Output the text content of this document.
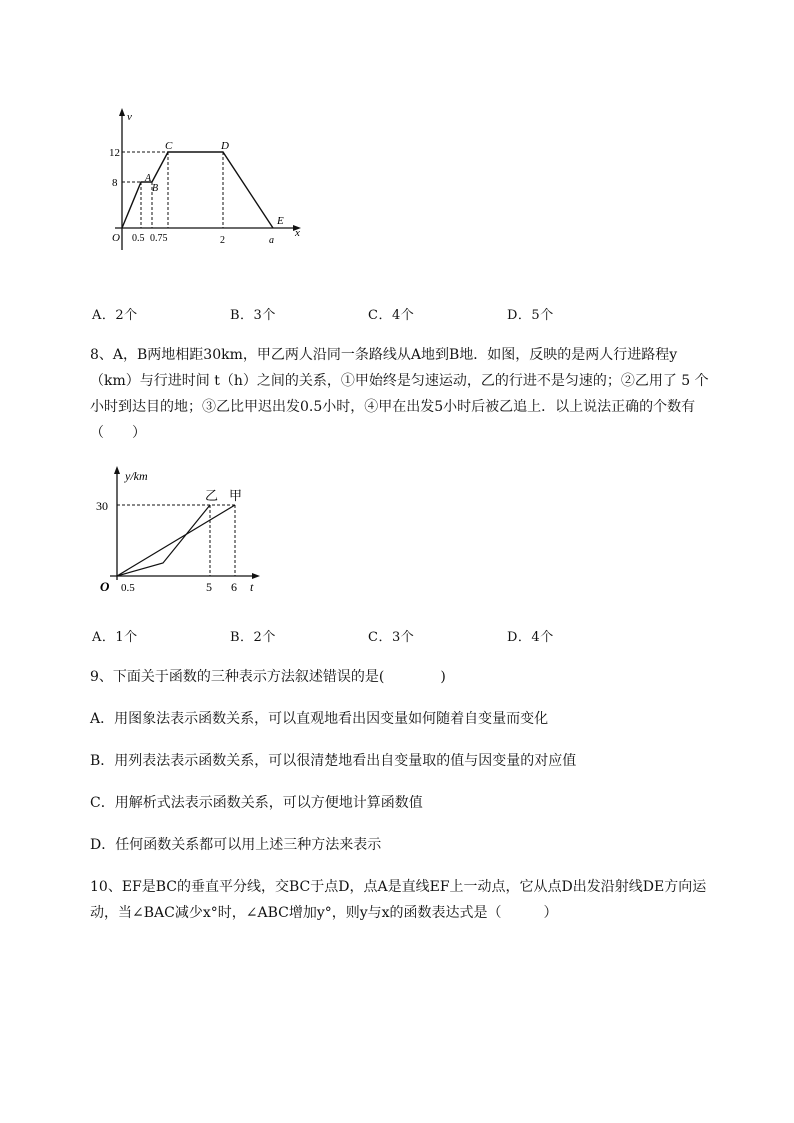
v
12
8
O	x
0.5 0.75	2	a
A
B
C	D
E
A．2个	B．3个	C．4个	D．5个
8、A，B两地相距30km，甲乙两人沿同一条路线从A地到B地．如图，反映的是两人行进路程y
（km）与行进时间 t（h）之间的关系，①甲始终是匀速运动，乙的行进不是匀速的；②乙用了 5 个
小时到达目的地；③乙比甲迟出发0.5小时，④甲在出发5小时后被乙追上．以上说法正确的个数有
（　　）
y/km
30
O 0.5	5 6 t
乙 甲
A．1个	B．2个	C．3个	D．4个
9、下面关于函数的三种表示方法叙述错误的是(　　　　)
A．用图象法表示函数关系，可以直观地看出因变量如何随着自变量而变化
B．用列表法表示函数关系，可以很清楚地看出自变量取的值与因变量的对应值
C．用解析式法表示函数关系，可以方便地计算函数值
D．任何函数关系都可以用上述三种方法来表示
10、EF是BC的垂直平分线，交BC于点D，点A是直线EF上一动点，它从点D出发沿射线DE方向运
动，当∠BAC减少x°时，∠ABC增加y°，则y与x的函数表达式是（　　　）
